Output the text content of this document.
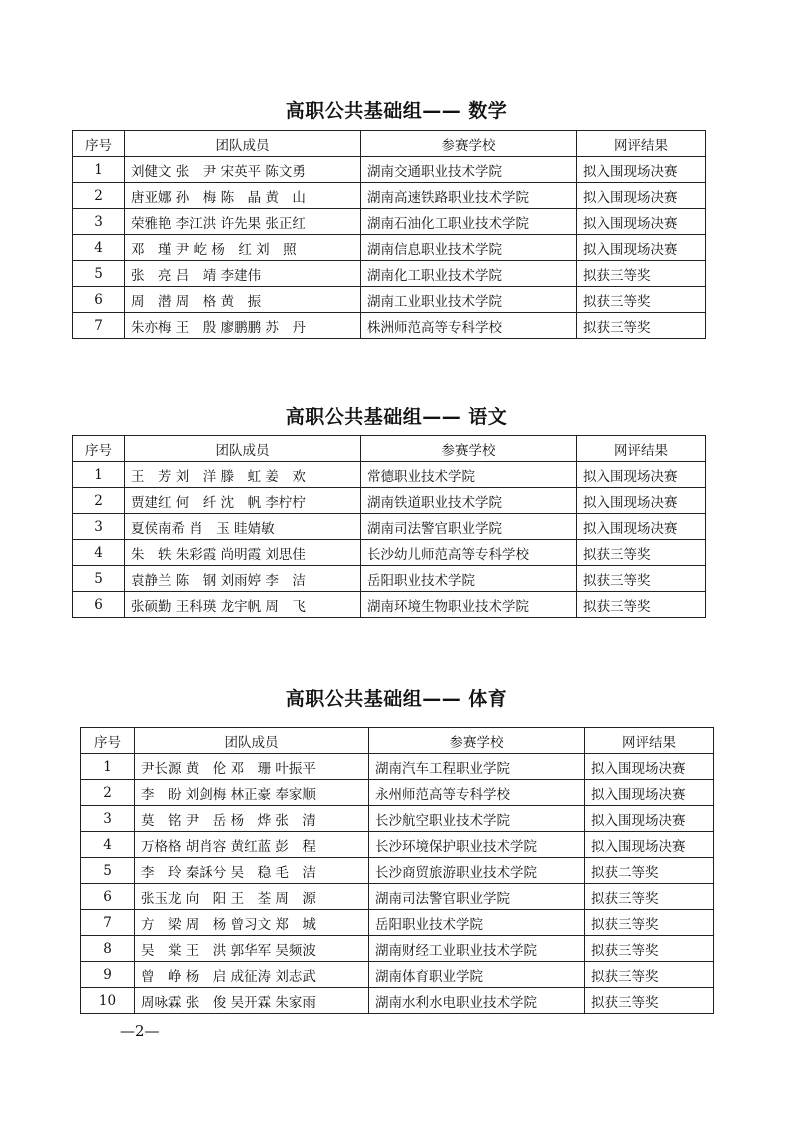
高职公共基础组—— 数学
序号	团队成员	参赛学校	网评结果
1	刘健文 张　尹 宋英平 陈文勇	湖南交通职业技术学院	拟入围现场决赛
2	唐亚娜 孙　梅 陈　晶 黄　山	湖南高速铁路职业技术学院	拟入围现场决赛
3	荣雅艳 李江洪 许先果 张正红	湖南石油化工职业技术学院	拟入围现场决赛
4	邓　瑾 尹 屹 杨　红 刘　照	湖南信息职业技术学院	拟入围现场决赛
5	张　亮 吕　靖 李建伟	湖南化工职业技术学院	拟获三等奖
6	周　潜 周　格 黄　振	湖南工业职业技术学院	拟获三等奖
7	朱亦梅 王　殷 廖鹏鹏 苏　丹	株洲师范高等专科学校	拟获三等奖
高职公共基础组—— 语文
序号	团队成员	参赛学校	网评结果
1	王　芳 刘　洋 滕　虹 姜　欢	常德职业技术学院	拟入围现场决赛
2	贾建红 何　纤 沈　帆 李柠柠	湖南铁道职业技术学院	拟入围现场决赛
3	夏侯南希 肖　玉 眭婧敏	湖南司法警官职业学院	拟入围现场决赛
4	朱　轶 朱彩霞 尚明霞 刘思佳	长沙幼儿师范高等专科学校	拟获三等奖
5	袁静兰 陈　钢 刘雨婷 李　洁	岳阳职业技术学院	拟获三等奖
6	张硕勤 王科瑛 龙宇帆 周　飞	湖南环境生物职业技术学院	拟获三等奖
高职公共基础组—— 体育
序号	团队成员	参赛学校	网评结果
1	尹长源 黄　伦 邓　珊 叶振平	湖南汽车工程职业学院	拟入围现场决赛
2	李　盼 刘剑梅 林正豪 奉家顺	永州师范高等专科学校	拟入围现场决赛
3	莫　铭 尹　岳 杨　烨 张　清	长沙航空职业技术学院	拟入围现场决赛
4	万格格 胡肖容 黄红蓝 彭　程	长沙环境保护职业技术学院	拟入围现场决赛
5	李　玲 秦訸兮 吴　稳 毛　洁	长沙商贸旅游职业技术学院	拟获二等奖
6	张玉龙 向　阳 王　荃 周　源	湖南司法警官职业学院	拟获三等奖
7	方　梁 周　杨 曾习文 郑　城	岳阳职业技术学院	拟获三等奖
8	吴　棠 王　洪 郭华军 吴频波	湖南财经工业职业技术学院	拟获三等奖
9	曾　峥 杨　启 成征涛 刘志武	湖南体育职业学院	拟获三等奖
10	周咏霖 张　俊 吴开霖 朱家雨	湖南水利水电职业技术学院	拟获三等奖
—2—
